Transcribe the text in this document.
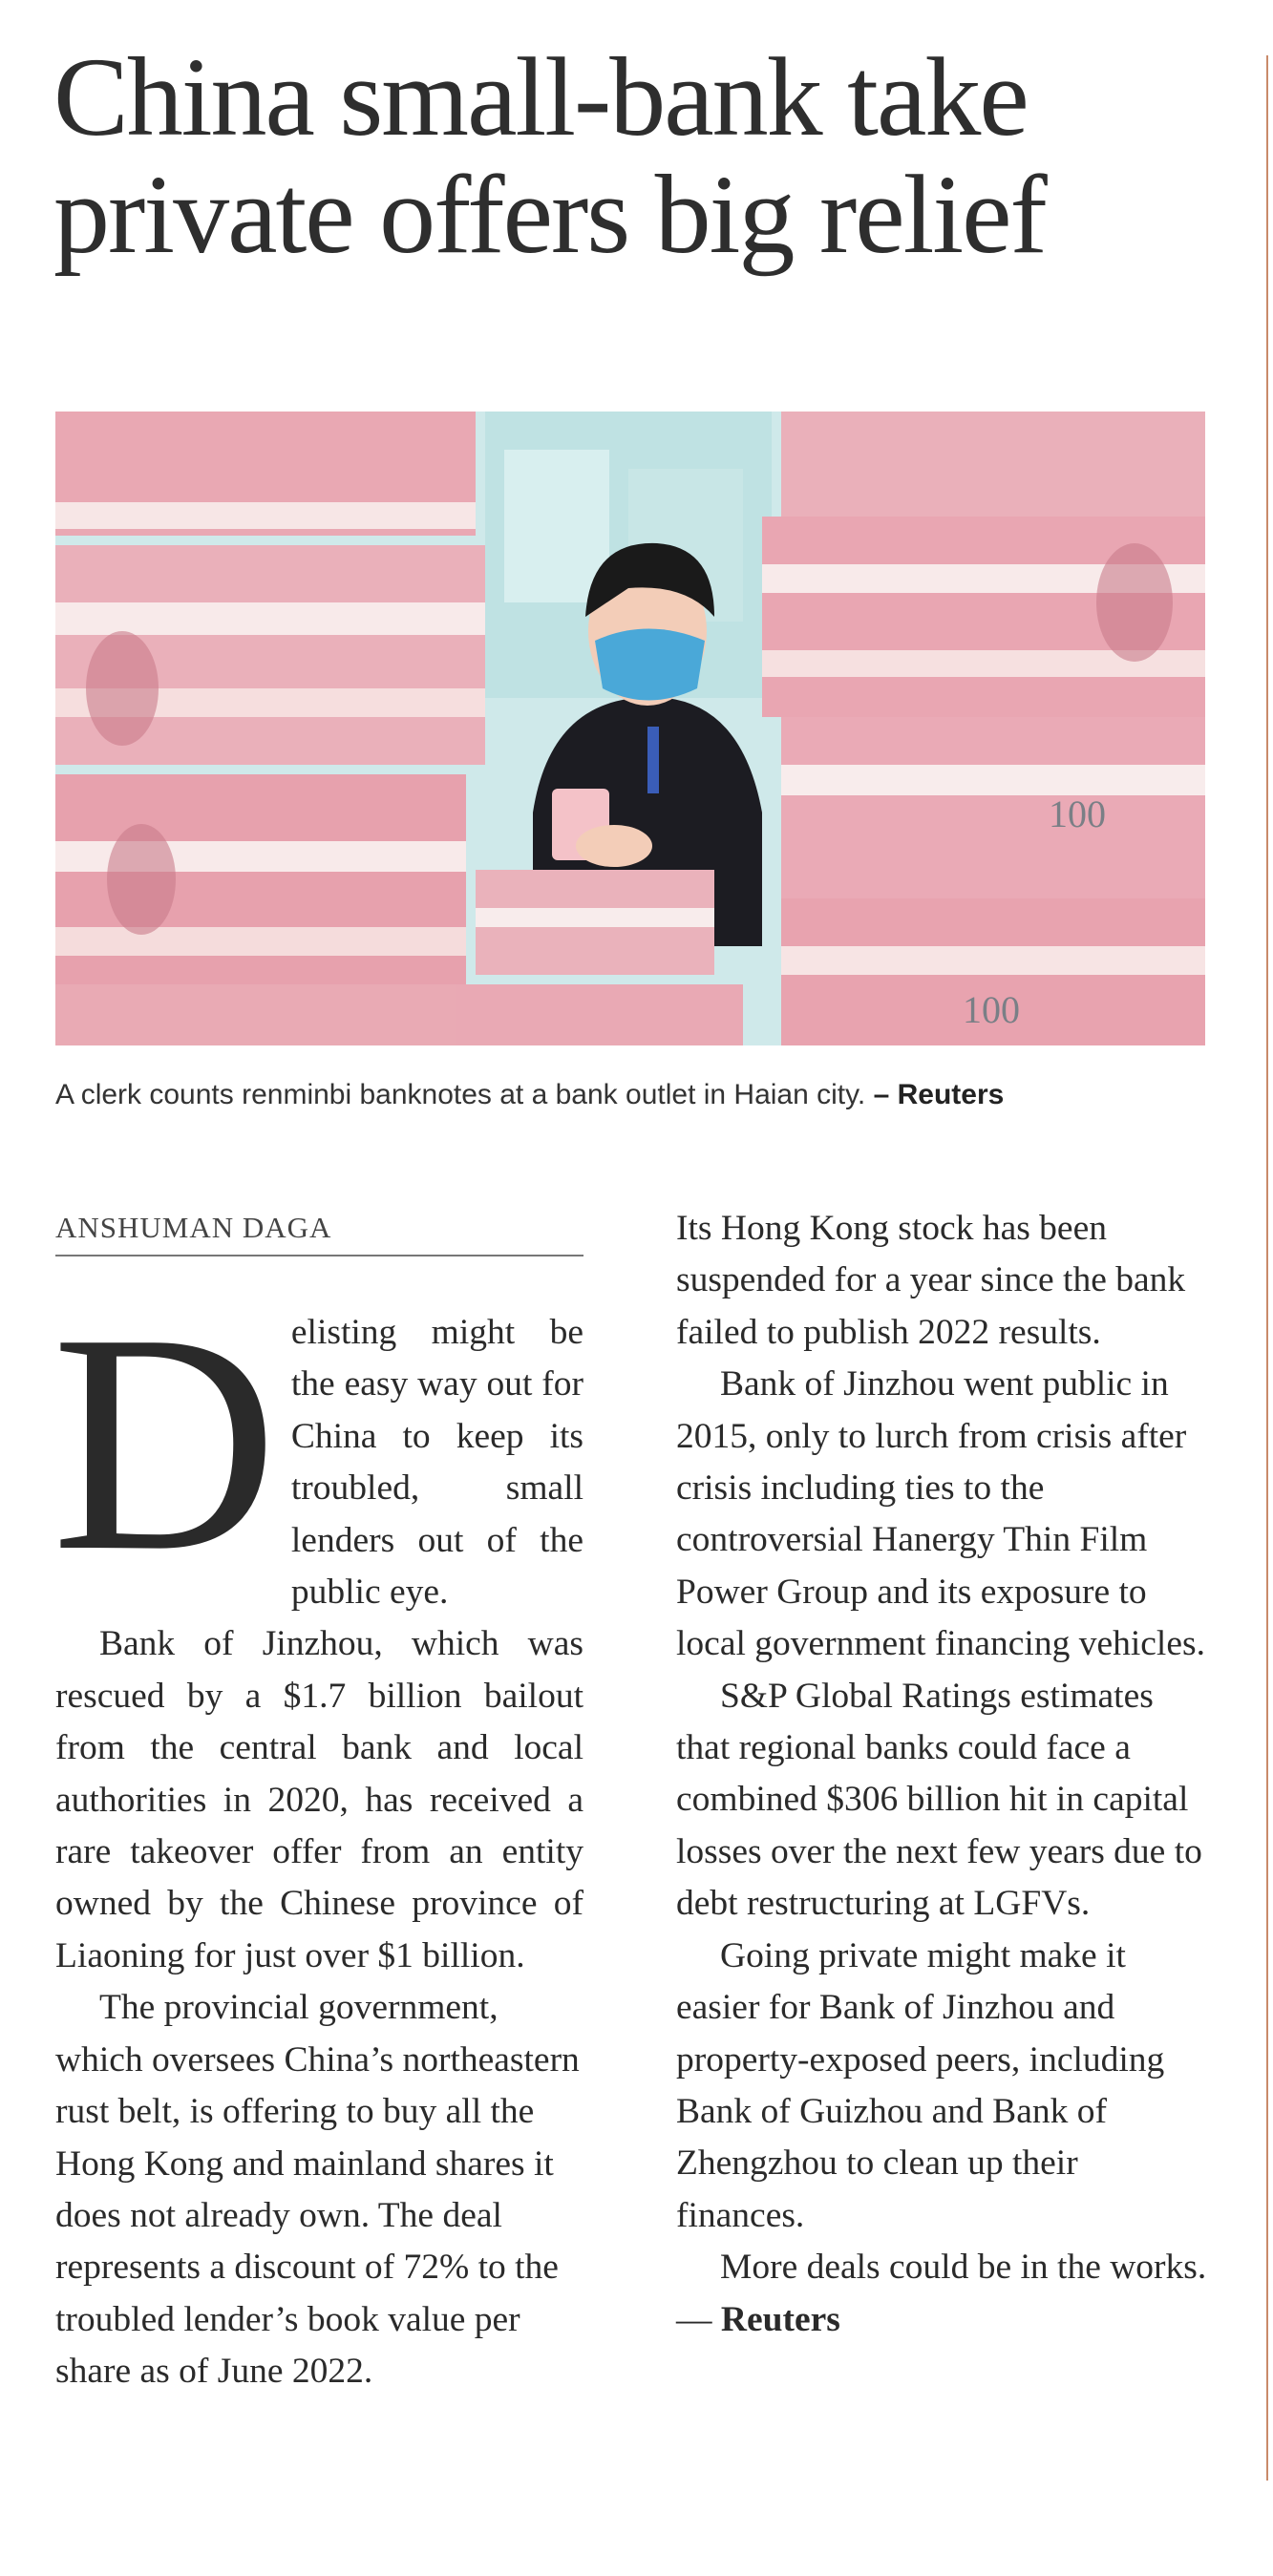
China small-bank take private offers big relief
100
100
A clerk counts renminbi banknotes at a bank outlet in Haian city. – Reuters
ANSHUMAN DAGA

Delisting might be the easy way out for China to keep its troubled, small lenders out of the public eye.

Bank of Jinzhou, which was rescued by a $1.7 billion bailout from the central bank and local authorities in 2020, has received a rare takeover offer from an entity owned by the Chinese province of Liaoning for just over $1 billion.

The provincial government, which oversees China’s northeastern rust belt, is offering to buy all the Hong Kong and mainland shares it does not already own. The deal represents a discount of 72% to the troubled lender’s book value per share as of June 2022.

Its Hong Kong stock has been suspended for a year since the bank failed to publish 2022 results.

Bank of Jinzhou went public in 2015, only to lurch from crisis after crisis including ties to the controversial Hanergy Thin Film Power Group and its exposure to local government financing vehicles.

S&P Global Ratings estimates that regional banks could face a combined $306 billion hit in capital losses over the next few years due to debt restructuring at LGFVs.

Going private might make it easier for Bank of Jinzhou and property-exposed peers, including Bank of Guizhou and Bank of Zhengzhou to clean up their finances.

More deals could be in the works. — Reuters
